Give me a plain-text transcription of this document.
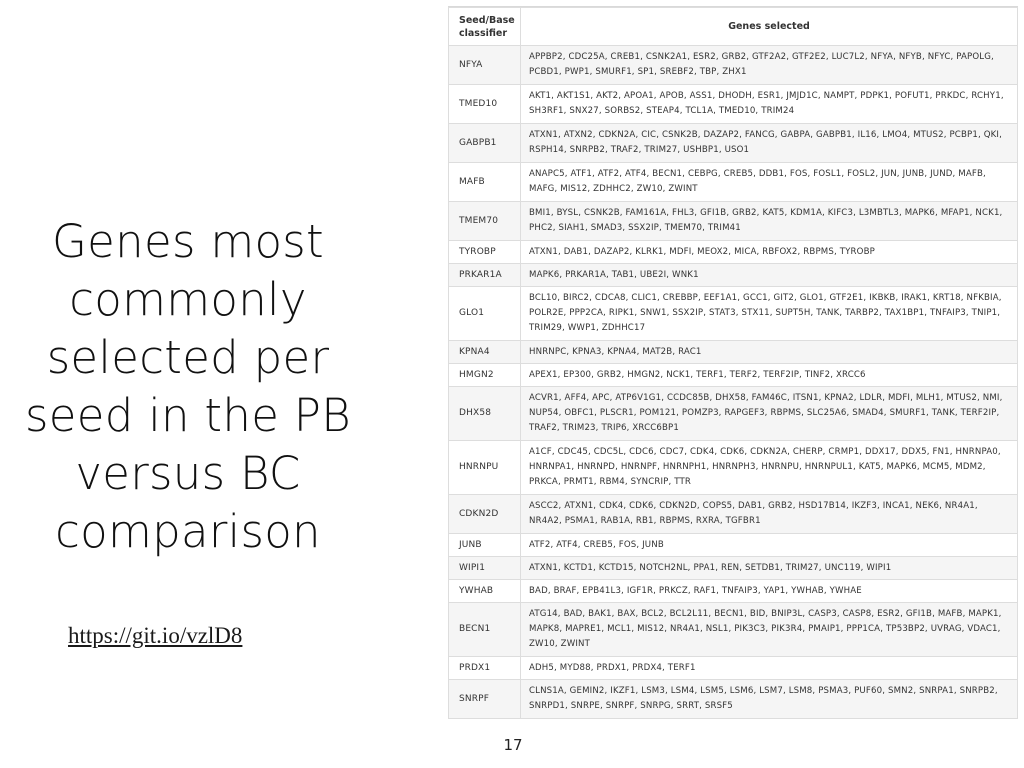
Genes most
commonly
selected per
seed in the PB
versus BC
comparison
https://git.io/vzlD8
17
Seed/Base classifier	Genes selected
NFYA	APPBP2, CDC25A, CREB1, CSNK2A1, ESR2, GRB2, GTF2A2, GTF2E2, LUC7L2, NFYA, NFYB, NFYC, PAPOLG, PCBD1, PWP1, SMURF1, SP1, SREBF2, TBP, ZHX1
TMED10	AKT1, AKT1S1, AKT2, APOA1, APOB, ASS1, DHODH, ESR1, JMJD1C, NAMPT, PDPK1, POFUT1, PRKDC, RCHY1, SH3RF1, SNX27, SORBS2, STEAP4, TCL1A, TMED10, TRIM24
GABPB1	ATXN1, ATXN2, CDKN2A, CIC, CSNK2B, DAZAP2, FANCG, GABPA, GABPB1, IL16, LMO4, MTUS2, PCBP1, QKI, RSPH14, SNRPB2, TRAF2, TRIM27, USHBP1, USO1
MAFB	ANAPC5, ATF1, ATF2, ATF4, BECN1, CEBPG, CREB5, DDB1, FOS, FOSL1, FOSL2, JUN, JUNB, JUND, MAFB, MAFG, MIS12, ZDHHC2, ZW10, ZWINT
TMEM70	BMI1, BYSL, CSNK2B, FAM161A, FHL3, GFI1B, GRB2, KAT5, KDM1A, KIFC3, L3MBTL3, MAPK6, MFAP1, NCK1, PHC2, SIAH1, SMAD3, SSX2IP, TMEM70, TRIM41
TYROBP	ATXN1, DAB1, DAZAP2, KLRK1, MDFI, MEOX2, MICA, RBFOX2, RBPMS, TYROBP
PRKAR1A	MAPK6, PRKAR1A, TAB1, UBE2I, WNK1
GLO1	BCL10, BIRC2, CDCA8, CLIC1, CREBBP, EEF1A1, GCC1, GIT2, GLO1, GTF2E1, IKBKB, IRAK1, KRT18, NFKBIA, POLR2E, PPP2CA, RIPK1, SNW1, SSX2IP, STAT3, STX11, SUPT5H, TANK, TARBP2, TAX1BP1, TNFAIP3, TNIP1, TRIM29, WWP1, ZDHHC17
KPNA4	HNRNPC, KPNA3, KPNA4, MAT2B, RAC1
HMGN2	APEX1, EP300, GRB2, HMGN2, NCK1, TERF1, TERF2, TERF2IP, TINF2, XRCC6
DHX58	ACVR1, AFF4, APC, ATP6V1G1, CCDC85B, DHX58, FAM46C, ITSN1, KPNA2, LDLR, MDFI, MLH1, MTUS2, NMI, NUP54, OBFC1, PLSCR1, POM121, POMZP3, RAPGEF3, RBPMS, SLC25A6, SMAD4, SMURF1, TANK, TERF2IP, TRAF2, TRIM23, TRIP6, XRCC6BP1
HNRNPU	A1CF, CDC45, CDC5L, CDC6, CDC7, CDK4, CDK6, CDKN2A, CHERP, CRMP1, DDX17, DDX5, FN1, HNRNPA0, HNRNPA1, HNRNPD, HNRNPF, HNRNPH1, HNRNPH3, HNRNPU, HNRNPUL1, KAT5, MAPK6, MCM5, MDM2, PRKCA, PRMT1, RBM4, SYNCRIP, TTR
CDKN2D	ASCC2, ATXN1, CDK4, CDK6, CDKN2D, COPS5, DAB1, GRB2, HSD17B14, IKZF3, INCA1, NEK6, NR4A1, NR4A2, PSMA1, RAB1A, RB1, RBPMS, RXRA, TGFBR1
JUNB	ATF2, ATF4, CREB5, FOS, JUNB
WIPI1	ATXN1, KCTD1, KCTD15, NOTCH2NL, PPA1, REN, SETDB1, TRIM27, UNC119, WIPI1
YWHAB	BAD, BRAF, EPB41L3, IGF1R, PRKCZ, RAF1, TNFAIP3, YAP1, YWHAB, YWHAE
BECN1	ATG14, BAD, BAK1, BAX, BCL2, BCL2L11, BECN1, BID, BNIP3L, CASP3, CASP8, ESR2, GFI1B, MAFB, MAPK1, MAPK8, MAPRE1, MCL1, MIS12, NR4A1, NSL1, PIK3C3, PIK3R4, PMAIP1, PPP1CA, TP53BP2, UVRAG, VDAC1, ZW10, ZWINT
PRDX1	ADH5, MYD88, PRDX1, PRDX4, TERF1
SNRPF	CLNS1A, GEMIN2, IKZF1, LSM3, LSM4, LSM5, LSM6, LSM7, LSM8, PSMA3, PUF60, SMN2, SNRPA1, SNRPB2, SNRPD1, SNRPE, SNRPF, SNRPG, SRRT, SRSF5
